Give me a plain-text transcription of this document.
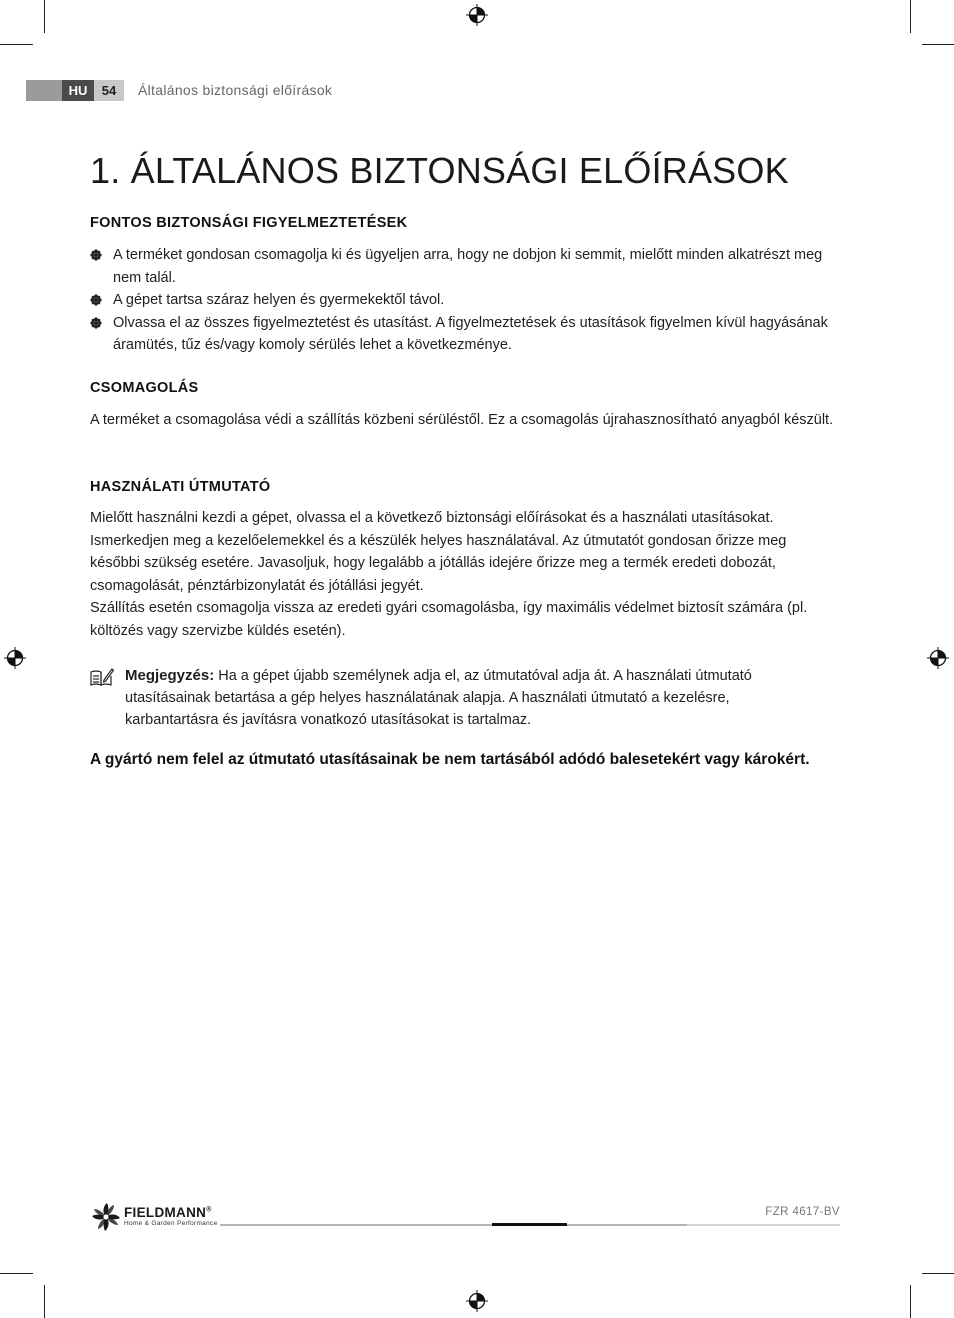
HU	54	Általános biztonsági előírások
1. ÁLTALÁNOS BIZTONSÁGI ELŐÍRÁSOK
FONTOS BIZTONSÁGI FIGYELMEZTETÉSEK
A terméket gondosan csomagolja ki és ügyeljen arra, hogy ne dobjon ki semmit, mielőtt minden alkatrészt meg nem talál.
A gépet tartsa száraz helyen és gyermekektől távol.
Olvassa el az összes figyelmeztetést és utasítást. A figyelmeztetések és utasítások figyelmen kívül hagyásának áramütés, tűz és/vagy komoly sérülés lehet a következménye.
CSOMAGOLÁS
A terméket a csomagolása védi a szállítás közbeni sérüléstől. Ez a csomagolás újrahasznosítható anyagból készült.
HASZNÁLATI ÚTMUTATÓ
Mielőtt használni kezdi a gépet, olvassa el a következő biztonsági előírásokat és a használati utasításokat. Ismerkedjen meg a kezelőelemekkel és a készülék helyes használatával. Az útmutatót gondosan őrizze meg későbbi szükség esetére. Javasoljuk, hogy legalább a jótállás idejére őrizze meg a termék eredeti dobozát, csomagolását, pénztárbizonylatát és jótállási jegyét.
Szállítás esetén csomagolja vissza az eredeti gyári csomagolásba, így maximális védelmet biztosít számára (pl. költözés vagy szervizbe küldés esetén).
Megjegyzés: Ha a gépet újabb személynek adja el, az útmutatóval adja át. A használati útmutató utasításainak betartása a gép helyes használatának alapja. A használati útmutató a kezelésre, karbantartásra és javításra vonatkozó utasításokat is tartalmaz.
A gyártó nem felel az útmutató utasításainak be nem tartásából adódó balesetekért vagy károkért.
FIELDMANN®
Home & Garden Performance
FZR 4617-BV
